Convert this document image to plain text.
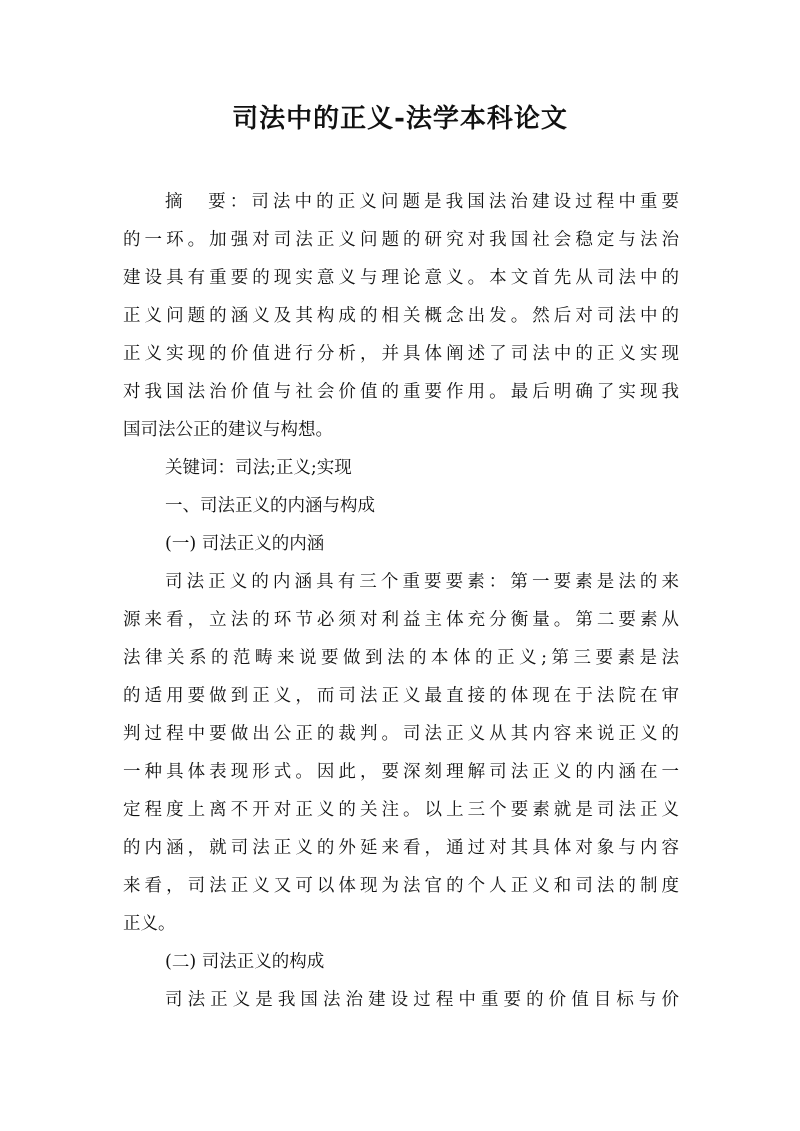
司法中的正义-法学本科论文
摘　要：司法中的正义问题是我国法治建设过程中重要
的一环。加强对司法正义问题的研究对我国社会稳定与法治
建设具有重要的现实意义与理论意义。本文首先从司法中的
正义问题的涵义及其构成的相关概念出发。然后对司法中的
正义实现的价值进行分析，并具体阐述了司法中的正义实现
对我国法治价值与社会价值的重要作用。最后明确了实现我
国司法公正的建议与构想。
关键词：司法;正义;实现
一、司法正义的内涵与构成
(一) 司法正义的内涵
司法正义的内涵具有三个重要要素：第一要素是法的来
源来看，立法的环节必须对利益主体充分衡量。第二要素从
法律关系的范畴来说要做到法的本体的正义;第三要素是法
的适用要做到正义，而司法正义最直接的体现在于法院在审
判过程中要做出公正的裁判。司法正义从其内容来说正义的
一种具体表现形式。因此，要深刻理解司法正义的内涵在一
定程度上离不开对正义的关注。以上三个要素就是司法正义
的内涵，就司法正义的外延来看，通过对其具体对象与内容
来看，司法正义又可以体现为法官的个人正义和司法的制度
正义。
(二) 司法正义的构成
司法正义是我国法治建设过程中重要的价值目标与价
